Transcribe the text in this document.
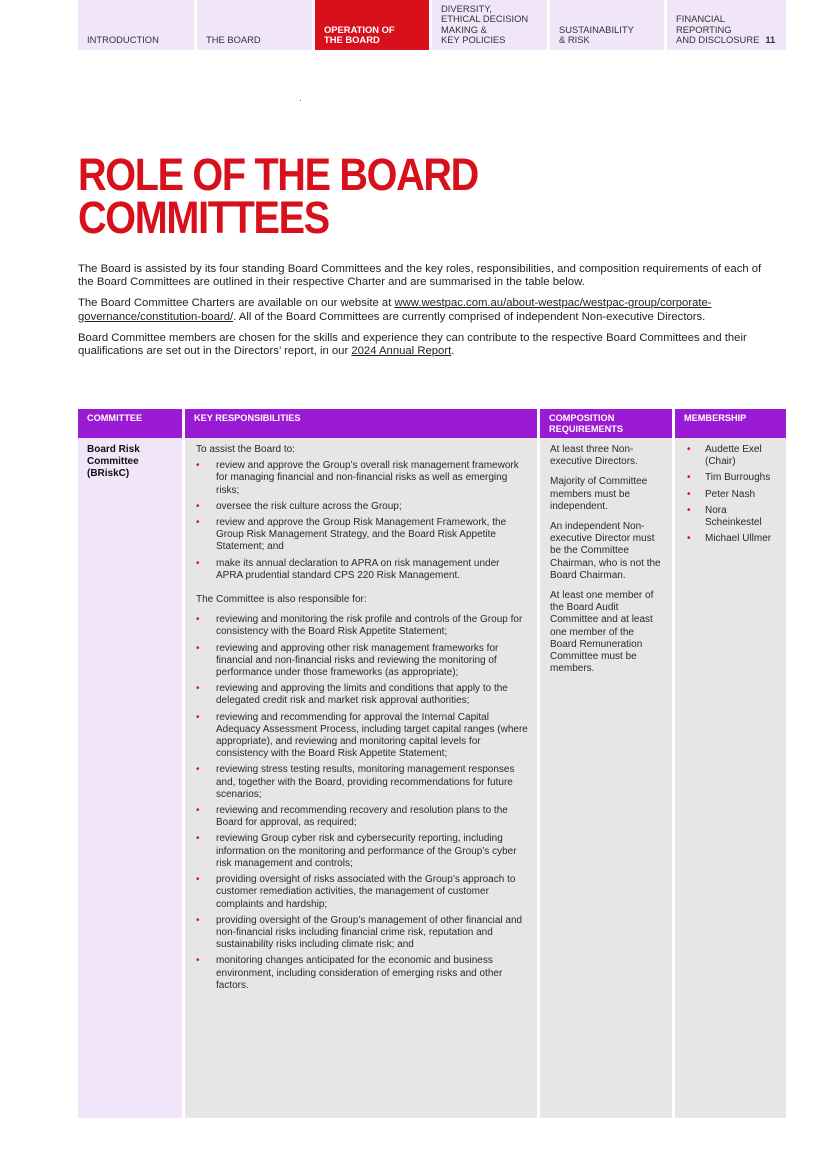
INTRODUCTION	THE BOARD
OPERATION OF
THE BOARD
DIVERSITY,
ETHICAL DECISION
MAKING &
KEY POLICIES
SUSTAINABILITY
& RISK
FINANCIAL
REPORTING
AND DISCLOSURE 11
ROLE OF THE BOARD
COMMITTEES

The Board is assisted by its four standing Board Committees and the key roles, responsibilities, and composition requirements of each of the Board Committees are outlined in their respective Charter and are summarised in the table below.

The Board Committee Charters are available on our website at www.westpac.com.au/about-westpac/westpac-group/corporate-governance/constitution-board/. All of the Board Committees are currently comprised of independent Non-executive Directors.

Board Committee members are chosen for the skills and experience they can contribute to the respective Board Committees and their qualifications are set out in the Directors’ report, in our 2024 Annual Report.

COMMITTEE
Board Risk
Committee
(BRiskC)
KEY RESPONSIBILITIES

To assist the Board to:

• review and approve the Group’s overall risk management framework for managing financial and non-financial risks as well as emerging risks;
• oversee the risk culture across the Group;
• review and approve the Group Risk Management Framework, the Group Risk Management Strategy, and the Board Risk Appetite Statement; and
• make its annual declaration to APRA on risk management under APRA prudential standard CPS 220 Risk Management.

The Committee is also responsible for:

• reviewing and monitoring the risk profile and controls of the Group for consistency with the Board Risk Appetite Statement;
• reviewing and approving other risk management frameworks for financial and non-financial risks and reviewing the monitoring of performance under those frameworks (as appropriate);
• reviewing and approving the limits and conditions that apply to the delegated credit risk and market risk approval authorities;
• reviewing and recommending for approval the Internal Capital Adequacy Assessment Process, including target capital ranges (where appropriate), and reviewing and monitoring capital levels for consistency with the Board Risk Appetite Statement;
• reviewing stress testing results, monitoring management responses and, together with the Board, providing recommendations for future scenarios;
• reviewing and recommending recovery and resolution plans to the Board for approval, as required;
• reviewing Group cyber risk and cybersecurity reporting, including information on the monitoring and performance of the Group’s cyber risk management and controls;
• providing oversight of risks associated with the Group’s approach to customer remediation activities, the management of customer complaints and hardship;
• providing oversight of the Group’s management of other financial and non-financial risks including financial crime risk, reputation and sustainability risks including climate risk; and
• monitoring changes anticipated for the economic and business environment, including consideration of emerging risks and other factors.
COMPOSITION
REQUIREMENTS

At least three Non-executive Directors.

Majority of Committee members must be independent.

An independent Non-executive Director must be the Committee Chairman, who is not the Board Chairman.

At least one member of the Board Audit Committee and at least one member of the Board Remuneration Committee must be members.

MEMBERSHIP
• Audette Exel (Chair)
• Tim Burroughs
• Peter Nash
• Nora Scheinkestel
• Michael Ullmer
